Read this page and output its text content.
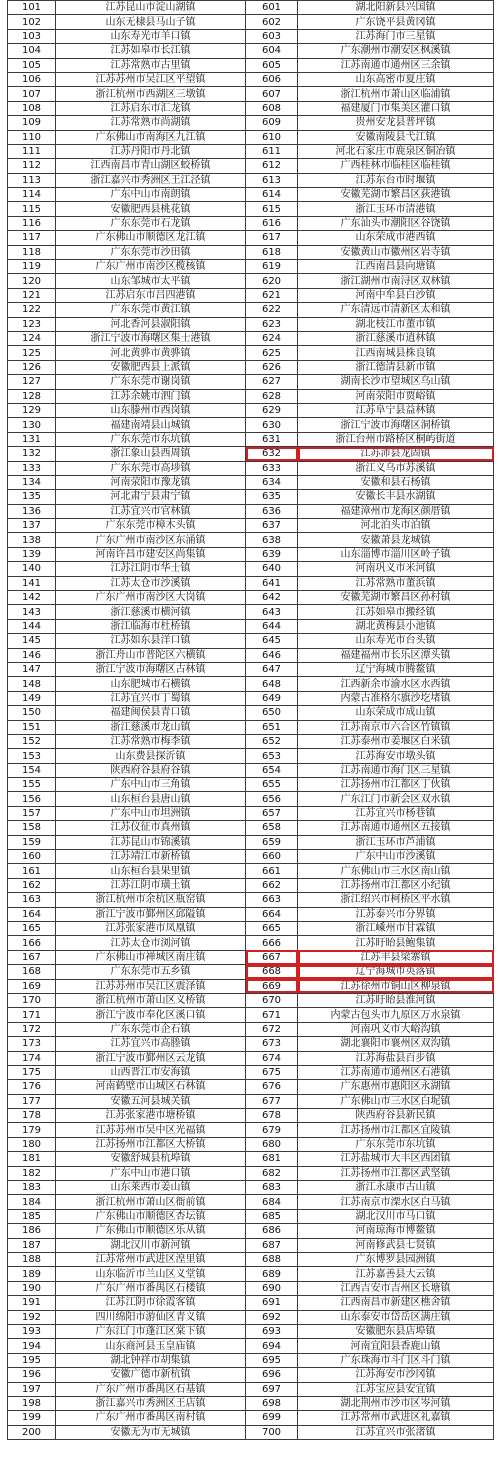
101	江苏昆山市淀山湖镇	601	湖北阳新县兴国镇
102	山东无棣县马山子镇	602	广东饶平县黄冈镇
103	山东寿光市羊口镇	603	江苏海门市三星镇
104	江苏如皋市长江镇	604	广东潮州市潮安区枫溪镇
105	江苏常熟市古里镇	605	江苏南通市通州区三余镇
106	江苏苏州市吴江区平望镇	606	山东高密市夏庄镇
107	浙江杭州市西湖区三墩镇	607	浙江杭州市萧山区临浦镇
108	江苏启东市汇龙镇	608	福建厦门市集美区灌口镇
109	江苏常熟市尚湖镇	609	贵州安龙县普坪镇
110	广东佛山市南海区九江镇	610	安徽南陵县弋江镇
111	江苏丹阳市丹北镇	611	河北石家庄市鹿泉区铜冶镇
112	江西南昌市青山湖区蛟桥镇	612	广西桂林市临桂区临桂镇
113	浙江嘉兴市秀洲区王江泾镇	613	江苏东台市时堰镇
114	广东中山市南朗镇	614	安徽芜湖市繁昌区荻港镇
115	安徽肥西县桃花镇	615	浙江玉环市清港镇
116	广东东莞市石龙镇	616	广东汕头市潮阳区谷饶镇
117	广东佛山市顺德区龙江镇	617	山东荣成市港西镇
118	广东东莞市沙田镇	618	安徽黄山市徽州区岩寺镇
119	广东广州市南沙区榄核镇	619	江西南昌县向塘镇
120	山东邹城市太平镇	620	浙江湖州市南浔区双林镇
121	江苏启东市吕四港镇	621	河南中牟县白沙镇
122	广东东莞市黄江镇	622	广东清远市清新区太和镇
123	河北香河县淑阳镇	623	湖北枝江市董市镇
124	浙江宁波市海曙区集士港镇	624	浙江慈溪市逍林镇
125	河北黄骅市黄骅镇	625	江西南城县株良镇
126	安徽肥西县上派镇	626	浙江德清县新市镇
127	广东东莞市谢岗镇	627	湖南长沙市望城区乌山镇
128	江苏余姚市泗门镇	628	河南荥阳市贾峪镇
129	山东滕州市西岗镇	629	江苏阜宁县益林镇
130	福建南靖县山城镇	630	浙江宁波市海曙区洞桥镇
131	广东东莞市东坑镇	631	浙江台州市路桥区桐屿街道
132	浙江象山县西周镇	632	江苏沛县龙固镇
133	广东东莞市高埗镇	633	浙江义乌市苏溪镇
134	河南荥阳市豫龙镇	634	安徽和县石杨镇
135	河北肃宁县肃宁镇	635	安徽长丰县水湖镇
136	江苏宜兴市官林镇	636	福建漳州市龙海区颜厝镇
137	广东东莞市樟木头镇	637	河北泊头市泊镇
138	广东广州市南沙区东涌镇	638	安徽萧县龙城镇
139	河南许昌市建安区尚集镇	639	山东淄博市淄川区岭子镇
140	江苏江阴市华士镇	640	河南巩义市米河镇
141	江苏太仓市沙溪镇	641	江苏常熟市董浜镇
142	广东广州市南沙区大岗镇	642	安徽芜湖市繁昌区孙村镇
143	浙江慈溪市横河镇	643	江苏如皋市搬经镇
144	浙江临海市杜桥镇	644	湖北黄梅县小池镇
145	江苏如东县洋口镇	645	山东寿光市台头镇
146	浙江舟山市普陀区六横镇	646	福建福州市长乐区潭头镇
147	浙江宁波市海曙区古林镇	647	辽宁海城市腾鳌镇
148	山东肥城市石横镇	648	江西新余市渝水区水西镇
149	江苏宜兴市丁蜀镇	649	内蒙古准格尔旗沙圪堵镇
150	福建闽侯县青口镇	650	山东荣成市成山镇
151	浙江慈溪市龙山镇	651	江苏南京市六合区竹镇镇
152	江苏常熟市梅李镇	652	江苏泰州市姜堰区白米镇
153	山东费县探沂镇	653	江苏海安市墩头镇
154	陕西府谷县府谷镇	654	江苏南通市海门区三星镇
155	广东中山市三角镇	655	江苏扬州市江都区丁伙镇
156	山东桓台县唐山镇	656	广东江门市新会区双水镇
157	广东中山市坦洲镇	657	江苏宜兴市杨巷镇
158	江苏仪征市真州镇	658	江苏南通市通州区五接镇
159	江苏昆山市锦溪镇	659	浙江玉环市芦浦镇
160	江苏靖江市新桥镇	660	广东中山市沙溪镇
161	山东桓台县果里镇	661	广东佛山市三水区南山镇
162	江苏江阴市璜土镇	662	江苏扬州市江都区小纪镇
163	浙江杭州市余杭区瓶窑镇	663	浙江绍兴市柯桥区平水镇
164	浙江宁波市鄞州区邱隘镇	664	江苏泰兴市分界镇
165	江苏张家港市凤凰镇	665	浙江嵊州市甘霖镇
166	江苏太仓市浏河镇	666	江苏盱眙县鲍集镇
167	广东佛山市禅城区南庄镇	667	江苏丰县梁寨镇
168	广东东莞市五乡镇	668	辽宁海城市英落镇
169	江苏苏州市吴江区震泽镇	669	江苏徐州市铜山区柳泉镇
170	浙江杭州市萧山区义桥镇	670	江苏盱眙县淮河镇
171	浙江宁波市奉化区溪口镇	671	内蒙古包头市九原区万水泉镇
172	广东东莞市企石镇	672	河南巩义市大峪沟镇
173	江苏宜兴市高塍镇	673	湖北襄阳市襄州区双沟镇
174	浙江宁波市鄞州区云龙镇	674	江苏海盐县百步镇
175	山西晋江市安海镇	675	江苏南通市通州区石港镇
176	河南鹤壁市山城区石林镇	676	广东惠州市惠阳区永湖镇
177	安徽五河县城关镇	677	广东佛山市三水区白坭镇
178	江苏张家港市塘桥镇	678	陕西府谷县新民镇
179	江苏苏州市吴中区光福镇	679	江苏扬州市江都区宜陵镇
180	江苏扬州市江都区大桥镇	680	广东东莞市东坑镇
181	安徽舒城县杭埠镇	681	江苏盐城市大丰区西团镇
182	广东中山市港口镇	682	江苏扬州市江都区武坚镇
183	山东莱西市姜山镇	683	浙江永康市古山镇
184	浙江杭州市萧山区衙前镇	684	江苏南京市溧水区白马镇
185	广东佛山市顺德区杏坛镇	685	湖北汉川市马口镇
186	广东佛山市顺德区乐从镇	686	河南琼海市博鳌镇
187	湖北汉川市新河镇	687	河南修武县七贤镇
188	江苏常州市武进区湟里镇	688	广东博罗县园洲镇
189	山东临沂市兰山区义堂镇	689	江苏嘉善县大云镇
190	广东广州市番禺区石楼镇	690	江西吉安市吉州区长塘镇
191	江苏江阴市徐霞客镇	691	江西南昌市新建区樵舍镇
192	四川绵阳市游仙区青义镇	692	山东泰安市岱岳区满庄镇
193	广东江门市蓬江区棠下镇	693	安徽肥东县店埠镇
194	山东商河县玉皇庙镇	694	河南宜阳县香鹿山镇
195	湖北钟祥市胡集镇	695	广东珠海市斗门区斗门镇
196	安徽广德市新杭镇	696	江苏海安市沙冈镇
197	广东广州市番禺区石基镇	697	江苏宝应县安宜镇
198	浙江嘉兴市秀洲区王店镇	698	湖北荆州市沙市区岑河镇
199	广东广州市番禺区南村镇	699	江苏常州市武进区礼嘉镇
200	安徽无为市无城镇	700	江苏宜兴市张渚镇
